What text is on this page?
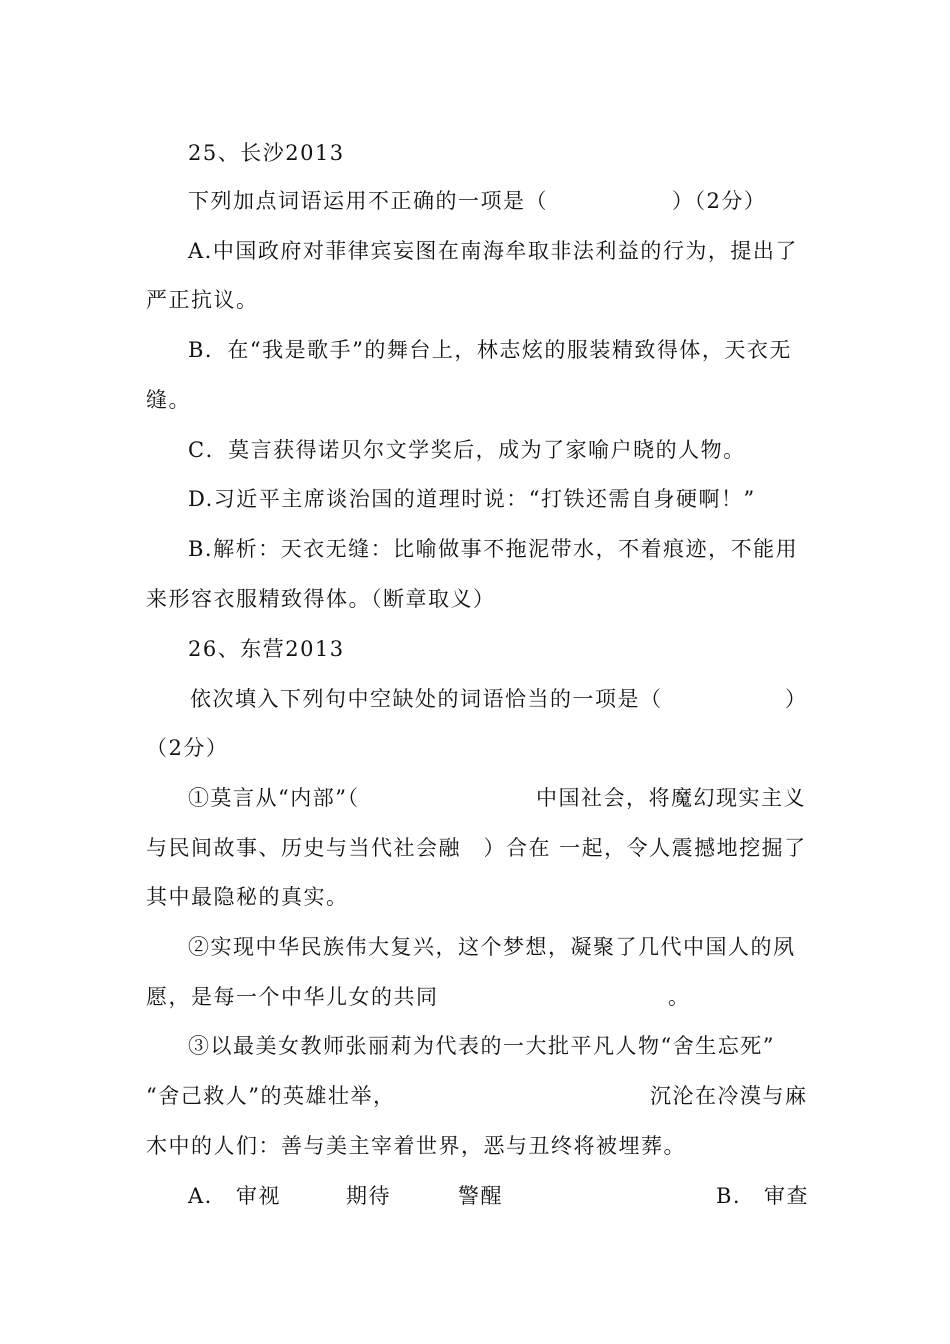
25、长沙2013
下列加点词语运用不正确的一项是（	）（2分）
A.中国政府对菲律宾妄图在南海牟取非法利益的行为，提出了
严正抗议。
B．在“我是歌手”的舞台上，林志炫的服装精致得体，天衣无
缝。
C．莫言获得诺贝尔文学奖后，成为了家喻户晓的人物。
D.习近平主席谈治国的道理时说：“打铁还需自身硬啊！”
B.解析：天衣无缝：比喻做事不拖泥带水，不着痕迹，不能用
来形容衣服精致得体。（断章取义）
26、东营2013
依次填入下列句中空缺处的词语恰当的一项是（	）
（2分）
①莫言从“内部”（	中国社会，将魔幻现实主义
与民间故事、历史与当代社会融　）合在 一起，令人震撼地挖掘了
其中最隐秘的真实。
②实现中华民族伟大复兴，这个梦想，凝聚了几代中国人的夙
愿，是每一个中华儿女的共同	。
③以最美女教师张丽莉为代表的一大批平凡人物“舍生忘死”
“舍己救人”的英雄壮举，	沉沦在冷漠与麻
木中的人们：善与美主宰着世界，恶与丑终将被埋葬。
A. 审视	期待	警醒	B. 审查
